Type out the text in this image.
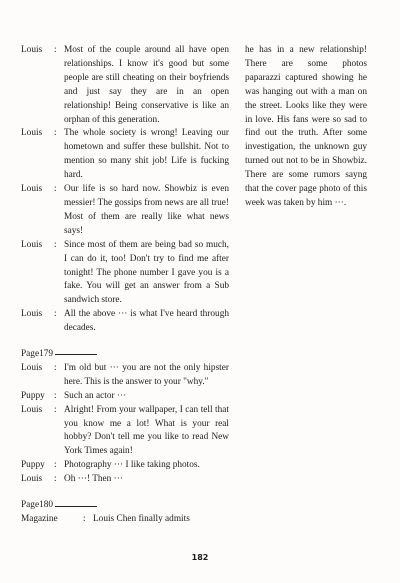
Louis	: Most of the couple around all have open relationships. I know it's good but some people are still cheating on their boyfriends and just say they are in an open relationship! Being conservative is like an orphan of this generation.
Louis	: The whole society is wrong! Leaving our hometown and suffer these bullshit. Not to mention so many shit job! Life is fucking hard.
Louis	: Our life is so hard now. Showbiz is even messier! The gossips from news are all true! Most of them are really like what news says!
Louis	: Since most of them are being bad so much, I can do it, too! Don't try to find me after tonight! The phone number I gave you is a fake. You will get an answer from a Sub sandwich store.
Louis	: All the above ··· is what I've heard through decades.
Page179
Louis	: I'm old but ··· you are not the only hipster here. This is the answer to your "why."
Puppy : Such an actor ···
Louis	: Alright! From your wallpaper, I can tell that you know me a lot! What is your real hobby? Don't tell me you like to read New York Times again!
Puppy : Photography ··· I like taking photos.
Louis	: Oh ···! Then ···
Page180
Magazine	: Louis Chen finally admits
he has in a new relationship! There are some photos paparazzi captured showing he was hanging out with a man on the street. Looks like they were in love. His fans were so sad to find out the truth. After some investigation, the unknown guy turned out not to be in Showbiz. There are some rumors sayng that the cover page photo of this week was taken by him ···.
182
